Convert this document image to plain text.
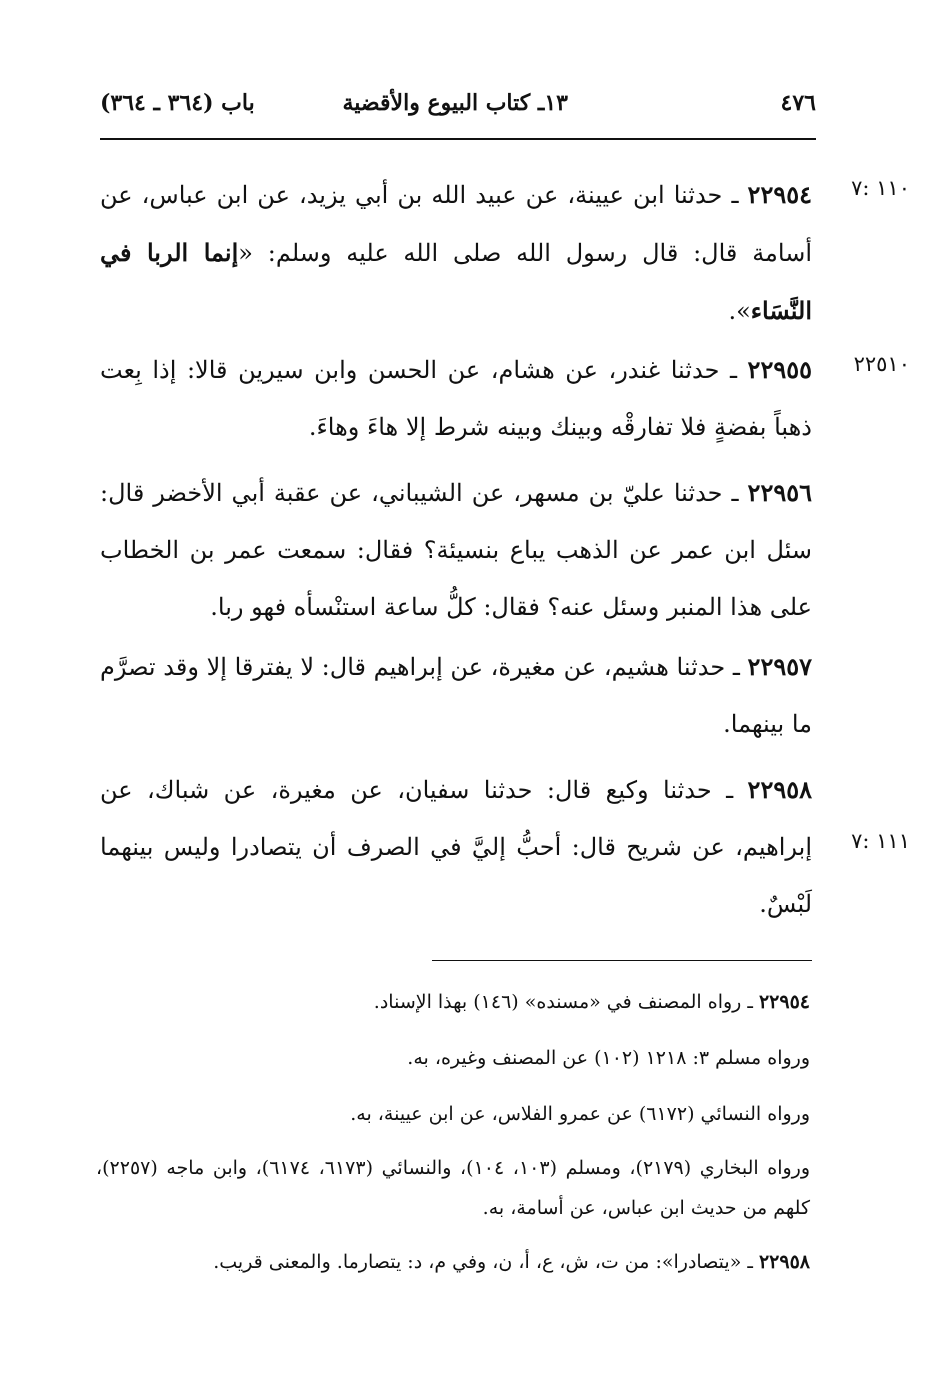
٤٧٦
١٣ـ كتاب البيوع والأقضية
باب (٣٦٤ ـ ٣٦٤)
٧: ١١٠
٢٢٥١٠
٧: ١١١
٢٢٩٥٤ ـ حدثنا ابن عيينة، عن عبيد الله بن أبي يزيد، عن ابن عباس، عن أسامة قال: قال رسول الله صلى الله عليه وسلم: «إنما الربا في النَّسَاء».
٢٢٩٥٥ ـ حدثنا غندر، عن هشام، عن الحسن وابن سيرين قالا: إذا بِعت ذهباً بفضةٍ فلا تفارقْه وبينك وبينه شرط إلا هاءَ وهاءَ.
٢٢٩٥٦ ـ حدثنا عليّ بن مسهر، عن الشيباني، عن عقبة أبي الأخضر قال: سئل ابن عمر عن الذهب يباع بنسيئة؟ فقال: سمعت عمر بن الخطاب على هذا المنبر وسئل عنه؟ فقال: كلُّ ساعة استنْسأه فهو ربا.
٢٢٩٥٧ ـ حدثنا هشيم، عن مغيرة، عن إبراهيم قال: لا يفترقا إلا وقد تصرَّم ما بينهما.
٢٢٩٥٨ ـ حدثنا وكيع قال: حدثنا سفيان، عن مغيرة، عن شباك، عن إبراهيم، عن شريح قال: أحبُّ إليَّ في الصرف أن يتصادرا وليس بينهما لَبْسٌ.

٢٢٩٥٤ ـ رواه المصنف في «مسنده» (١٤٦) بهذا الإسناد.

ورواه مسلم ٣: ١٢١٨ (١٠٢) عن المصنف وغيره، به.

ورواه النسائي (٦١٧٢) عن عمرو الفلاس، عن ابن عيينة، به.

ورواه البخاري (٢١٧٩)، ومسلم (١٠٣، ١٠٤)، والنسائي (٦١٧٣، ٦١٧٤)، وابن ماجه (٢٢٥٧)، كلهم من حديث ابن عباس، عن أسامة، به.

٢٢٩٥٨ ـ «يتصادرا»: من ت، ش، ع، أ، ن، وفي م، د: يتصارما. والمعنى قريب.
